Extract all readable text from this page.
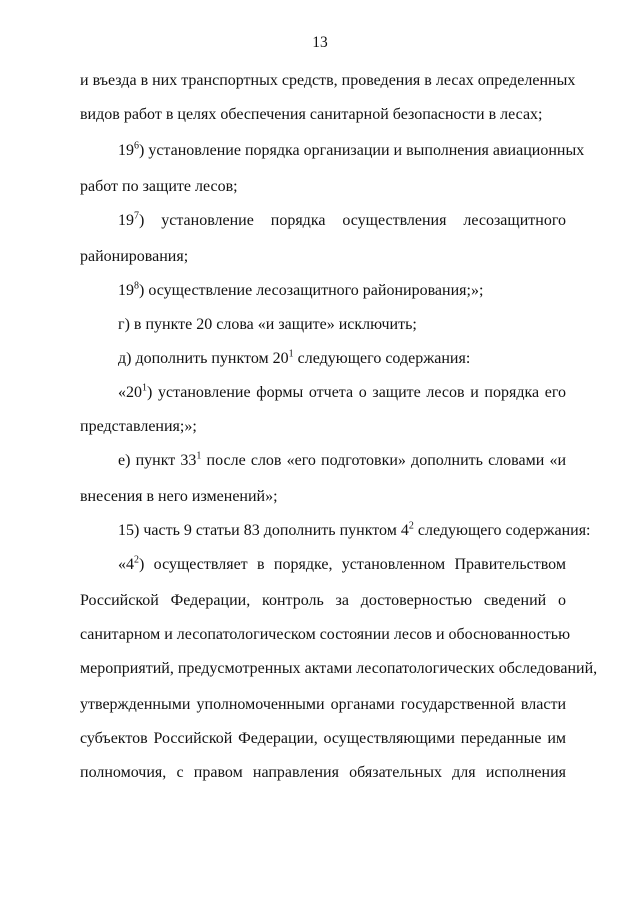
13
и въезда в них транспортных средств, проведения в лесах определенных
видов работ в целях обеспечения санитарной безопасности в лесах;
$19^6$) установление порядка организации и выполнения авиационных
работ по защите лесов;
$19^7$) установление порядка осуществления лесозащитного
районирования;
$19^8$) осуществление лесозащитного районирования;»;
г) в пункте 20 слова «и защите» исключить;
д) дополнить пунктом $20^1$ следующего содержания:
«$20^1$) установление формы отчета о защите лесов и порядка его
представления;»;
е) пункт $33^1$ после слов «его подготовки» дополнить словами «и
внесения в него изменений»;
15) часть 9 статьи 83 дополнить пунктом $4^2$ следующего содержания:
«$4^2$) осуществляет в порядке, установленном Правительством
Российской Федерации, контроль за достоверностью сведений о
санитарном и лесопатологическом состоянии лесов и обоснованностью
мероприятий, предусмотренных актами лесопатологических обследований,
утвержденными уполномоченными органами государственной власти
субъектов Российской Федерации, осуществляющими переданные им
полномочия, с правом направления обязательных для исполнения
